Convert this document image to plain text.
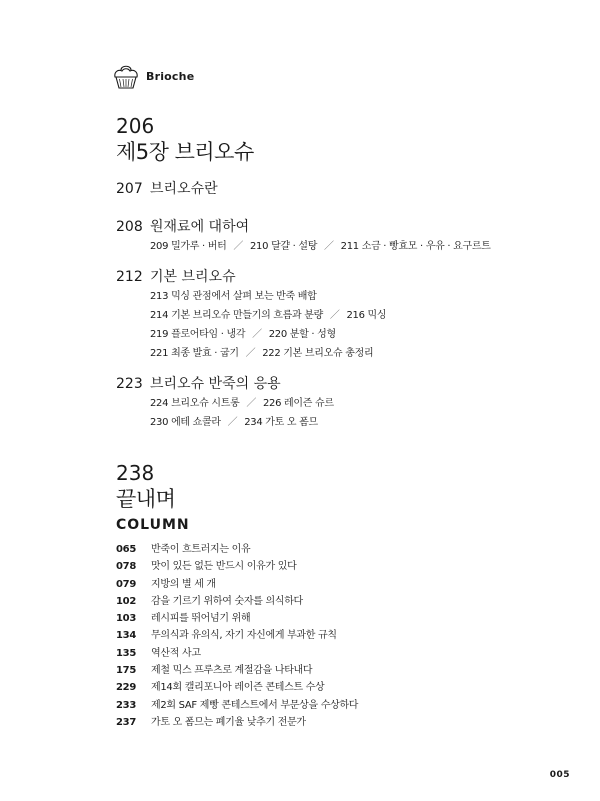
Brioche
206
제5장 브리오슈
207 브리오슈란
208 원재료에 대하여
209 밀가루 · 버터 ／ 210 달걀 · 설탕 ／ 211 소금 · 빵효모 · 우유 · 요구르트
212 기본 브리오슈
213 믹싱 관점에서 살펴 보는 반죽 배합
214 기본 브리오슈 만들기의 흐름과 분량 ／ 216 믹싱
219 플로어타임 · 냉각 ／ 220 분할 · 성형
221 최종 발효 · 굽기 ／ 222 기본 브리오슈 총정리
223 브리오슈 반죽의 응용
224 브리오슈 시트롱 ／ 226 레이즌 슈르
230 에테 쇼콜라 ／ 234 가토 오 폼므
238
끝내며
COLUMN
065	반죽이 흐트러지는 이유
078	맛이 있든 없든 반드시 이유가 있다
079	지방의 별 세 개
102	감을 기르기 위하여 숫자를 의식하다
103	레시피를 뛰어넘기 위해
134	무의식과 유의식, 자기 자신에게 부과한 규칙
135	역산적 사고
175	제철 믹스 프루츠로 계절감을 나타내다
229	제14회 캘리포니아 레이즌 콘테스트 수상
233	제2회 SAF 제빵 콘테스트에서 부문상을 수상하다
237	가토 오 폼므는 폐기율 낮추기 전문가
005
